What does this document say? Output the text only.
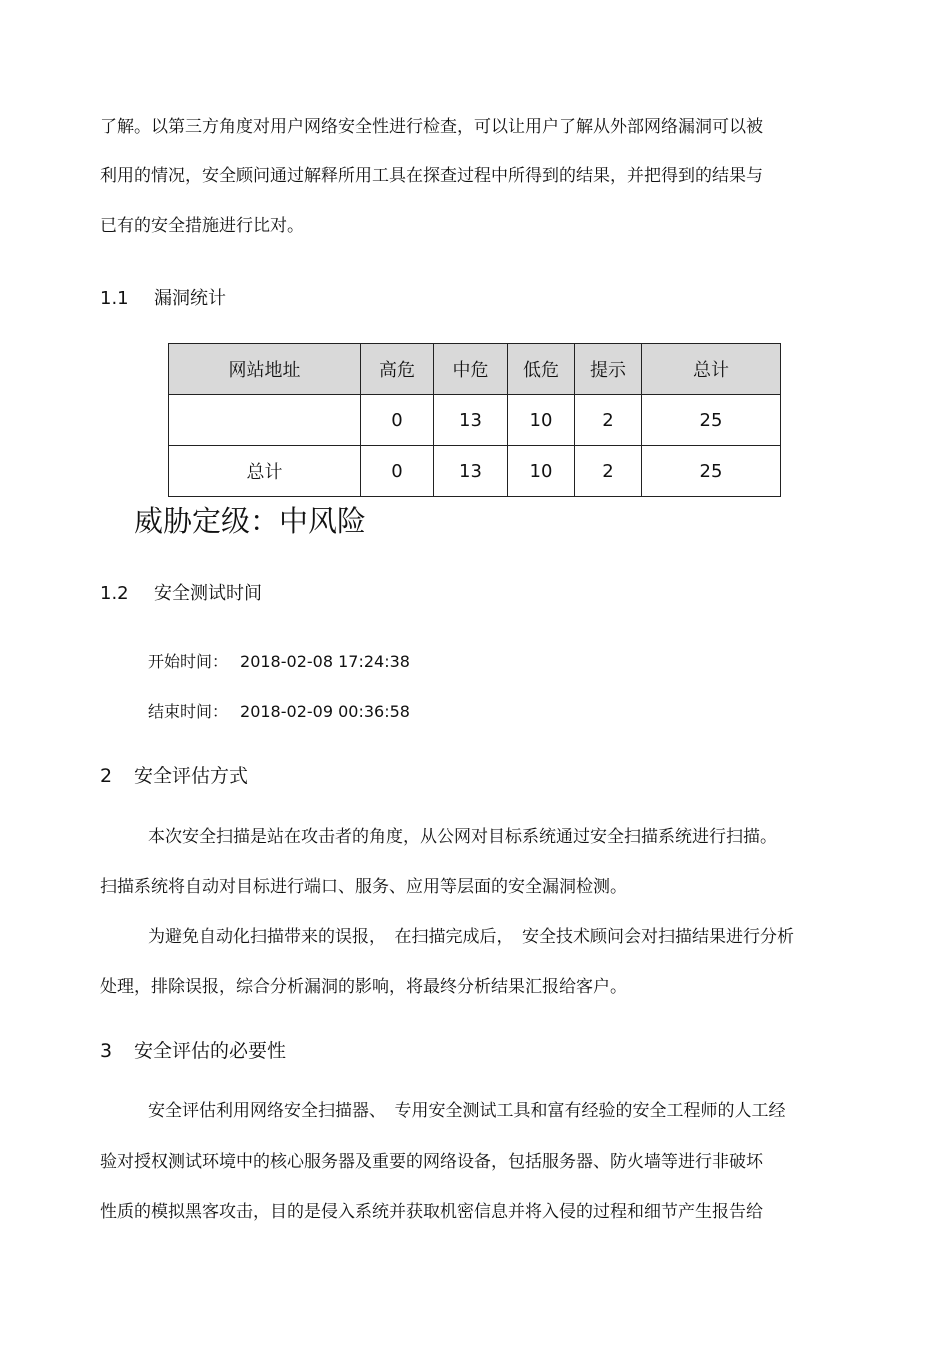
了解。以第三方角度对用户网络安全性进行检查，可以让用户了解从外部网络漏洞可以被
利用的情况，安全顾问通过解释所用工具在探查过程中所得到的结果，并把得到的结果与
已有的安全措施进行比对。
1.1 漏洞统计
网站地址	高危	中危	低危	提示	总计
	0	13	10	2	25
总计	0	13	10	2	25
威胁定级：中风险
1.2 安全测试时间
开始时间： 2018-02-08 17:24:38
结束时间： 2018-02-09 00:36:58
2 安全评估方式
本次安全扫描是站在攻击者的角度，从公网对目标系统通过安全扫描系统进行扫描。
扫描系统将自动对目标进行端口、服务、应用等层面的安全漏洞检测。
为避免自动化扫描带来的误报，　在扫描完成后，　安全技术顾问会对扫描结果进行分析
处理，排除误报，综合分析漏洞的影响，将最终分析结果汇报给客户。
3 安全评估的必要性
安全评估利用网络安全扫描器、　专用安全测试工具和富有经验的安全工程师的人工经
验对授权测试环境中的核心服务器及重要的网络设备，包括服务器、防火墙等进行非破坏
性质的模拟黑客攻击，目的是侵入系统并获取机密信息并将入侵的过程和细节产生报告给
